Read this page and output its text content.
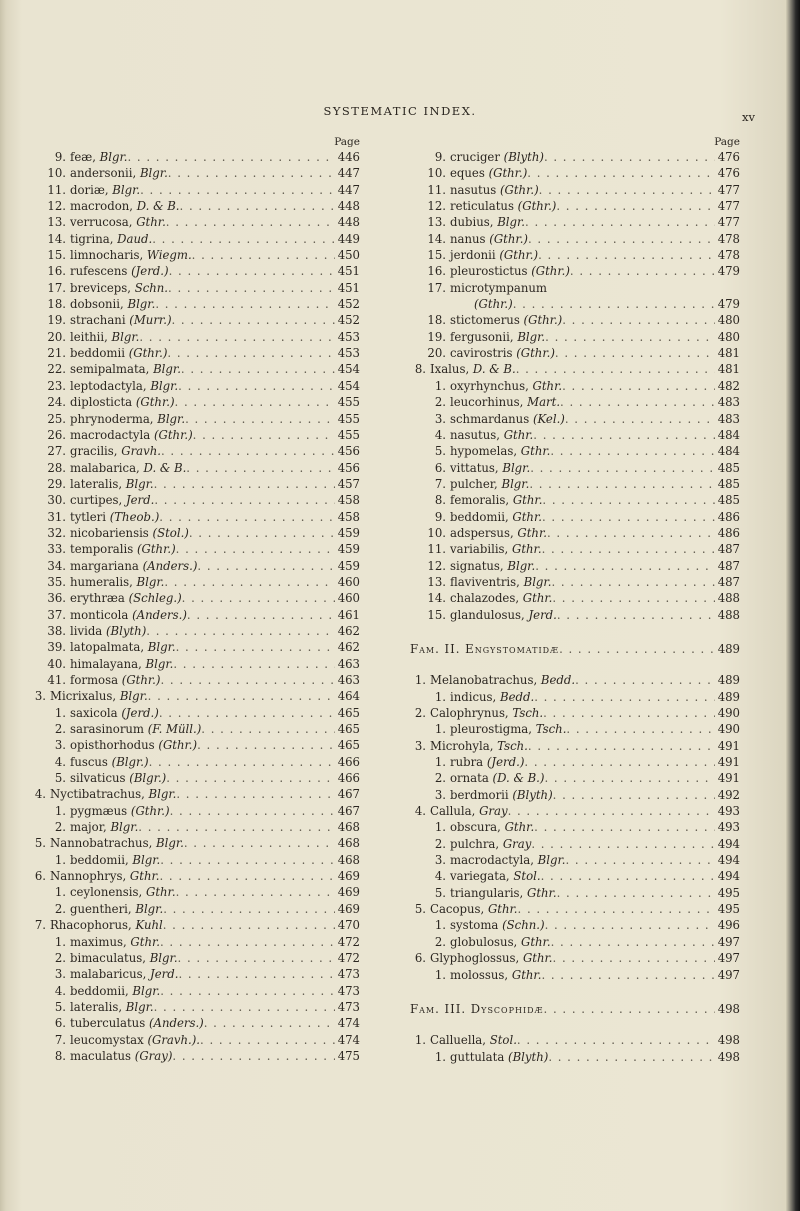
SYSTEMATIC INDEX.	xv
Page
9. feæ, Blgr. . . .	446
10. andersonii, Blgr. . . .	447
11. doriæ, Blgr. . . .	447
12. macrodon, D. & B. . . .	448
13. verrucosa, Gthr. . . .	448
14. tigrina, Daud. . . .	449
15. limnocharis, Wiegm. . . .	450
16. rufescens (Jerd.) . . .	451
17. breviceps, Schn. . . .	451
18. dobsonii, Blgr. . . .	452
19. strachani (Murr.) . . .	452
20. leithii, Blgr. . . .	453
21. beddomii (Gthr.) . . .	453
22. semipalmata, Blgr. . . .	454
23. leptodactyla, Blgr. . . .	454
24. diplosticta (Gthr.) . . .	455
25. phrynoderma, Blgr. . . .	455
26. macrodactyla (Gthr.) . . .	455
27. gracilis, Gravh. . . .	456
28. malabarica, D. & B. . . .	456
29. lateralis, Blgr. . . .	457
30. curtipes, Jerd. . . .	458
31. tytleri (Theob.) . . .	458
32. nicobariensis (Stol.) . . .	459
33. temporalis (Gthr.) . . .	459
34. margariana (Anders.) . . .	459
35. humeralis, Blgr. . . .	460
36. erythræa (Schleg.) . . .	460
37. monticola (Anders.) . . .	461
38. livida (Blyth) . . .	462
39. latopalmata, Blgr. . . .	462
40. himalayana, Blgr. . . .	463
41. formosa (Gthr.) . . .	463
3. Micrixalus, Blgr. . . .	464
1. saxicola (Jerd.) . . .	465
2. sarasinorum (F. Müll.) . . .	465
3. opisthorhodus (Gthr.) . . .	465
4. fuscus (Blgr.) . . .	466
5. silvaticus (Blgr.) . . .	466
4. Nyctibatrachus, Blgr. . . .	467
1. pygmæus (Gthr.) . . .	467
2. major, Blgr. . . .	468
5. Nannobatrachus, Blgr. . . .	468
1. beddomii, Blgr. . . .	468
6. Nannophrys, Gthr. . . .	469
1. ceylonensis, Gthr. . . .	469
2. guentheri, Blgr. . . .	469
7. Rhacophorus, Kuhl . . .	470
1. maximus, Gthr. . . .	472
2. bimaculatus, Blgr. . . .	472
3. malabaricus, Jerd. . . .	473
4. beddomii, Blgr. . . .	473
5. lateralis, Blgr. . . .	473
6. tuberculatus (Anders.) . . .	474
7. leucomystax (Gravh.). . . .	474
8. maculatus (Gray) . . .	475
Page
9. cruciger (Blyth) . . .	476
10. eques (Gthr.) . . .	476
11. nasutus (Gthr.) . . .	477
12. reticulatus (Gthr.) . . .	477
13. dubius, Blgr. . . .	477
14. nanus (Gthr.) . . .	478
15. jerdonii (Gthr.) . . .	478
16. pleurostictus (Gthr.) . . .	479
17. microtympanum
(Gthr.) . . .	479
18. stictomerus (Gthr.) . . .	480
19. fergusonii, Blgr. . . .	480
20. cavirostris (Gthr.) . . .	481
8. Ixalus, D. & B. . . .	481
1. oxyrhynchus, Gthr. . . .	482
2. leucorhinus, Mart. . . .	483
3. schmardanus (Kel.) . . .	483
4. nasutus, Gthr. . . .	484
5. hypomelas, Gthr. . . .	484
6. vittatus, Blgr. . . .	485
7. pulcher, Blgr. . . .	485
8. femoralis, Gthr. . . .	485
9. beddomii, Gthr. . . .	486
10. adspersus, Gthr. . . .	486
11. variabilis, Gthr. . . .	487
12. signatus, Blgr. . . .	487
13. flaviventris, Blgr. . . .	487
14. chalazodes, Gthr. . . .	488
15. glandulosus, Jerd. . . .	488
Fam. II. Engystomatidæ . . .	489
1. Melanobatrachus, Bedd. . . .	489
1. indicus, Bedd. . . .	489
2. Calophrynus, Tsch. . . .	490
1. pleurostigma, Tsch. . . .	490
3. Microhyla, Tsch. . . .	491
1. rubra (Jerd.) . . .	491
2. ornata (D. & B.) . . .	491
3. berdmorii (Blyth) . . .	492
4. Callula, Gray . . .	493
1. obscura, Gthr. . . .	493
2. pulchra, Gray . . .	494
3. macrodactyla, Blgr. . . .	494
4. variegata, Stol. . . .	494
5. triangularis, Gthr. . . .	495
5. Cacopus, Gthr. . . .	495
1. systoma (Schn.) . . .	496
2. globulosus, Gthr. . . .	497
6. Glyphoglossus, Gthr. . . .	497
1. molossus, Gthr. . . .	497
Fam. III. Dyscophidæ . . .	498
1. Calluella, Stol. . . .	498
1. guttulata (Blyth) . . .	498
